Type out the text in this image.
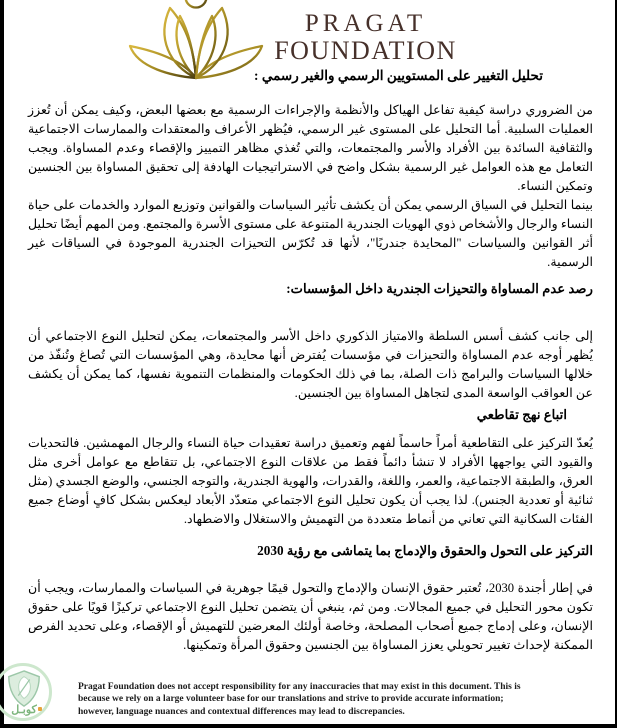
PRAGAT
FOUNDATION
تحليل التغيير على المستويين الرسمي والغير رسمي :

من الضروري دراسة كيفية تفاعل الهياكل والأنظمة والإجراءات الرسمية مع بعضها البعض، وكيف يمكن أن تُعزز العمليات السلبية. أما التحليل على المستوى غير الرسمي، فيُظهر الأعراف والمعتقدات والممارسات الاجتماعية والثقافية السائدة بين الأفراد والأسر والمجتمعات، والتي تُغذي مظاهر التمييز والإقصاء وعدم المساواة. ويجب التعامل مع هذه العوامل غير الرسمية بشكل واضح في الاستراتيجيات الهادفة إلى تحقيق المساواة بين الجنسين وتمكين النساء.

بينما التحليل في السياق الرسمي يمكن أن يكشف تأثير السياسات والقوانين وتوزيع الموارد والخدمات على حياة النساء والرجال والأشخاص ذوي الهويات الجندرية المتنوعة على مستوى الأسرة والمجتمع. ومن المهم أيضًا تحليل أثر القوانين والسياسات "المحايدة جندريًا"، لأنها قد تُكرّس التحيزات الجندرية الموجودة في السياقات غير الرسمية.

رصد عدم المساواة والتحيزات الجندرية داخل المؤسسات:

إلى جانب كشف أسس السلطة والامتياز الذكوري داخل الأسر والمجتمعات، يمكن لتحليل النوع الاجتماعي أن يُظهر أوجه عدم المساواة والتحيزات في مؤسسات يُفترض أنها محايدة، وهي المؤسسات التي تُصاغ وتُنفّذ من خلالها السياسات والبرامج ذات الصلة، بما في ذلك الحكومات والمنظمات التنموية نفسها، كما يمكن أن يكشف عن العواقب الواسعة المدى لتجاهل المساواة بين الجنسين.

اتباع نهج تقاطعي

يُعدّ التركيز على التقاطعية أمراً حاسماً لفهم وتعميق دراسة تعقيدات حياة النساء والرجال المهمشين. فالتحديات والقيود التي يواجهها الأفراد لا تنشأ دائماً فقط من علاقات النوع الاجتماعي، بل تتقاطع مع عوامل أخرى مثل العرق، والطبقة الاجتماعية، والعمر، واللغة، والقدرات، والهوية الجندرية، والتوجه الجنسي، والوضع الجسدي (مثل ثنائية أو تعددية الجنس). لذا يجب أن يكون تحليل النوع الاجتماعي متعدّد الأبعاد ليعكس بشكل كافٍ أوضاع جميع الفئات السكانية التي تعاني من أنماط متعددة من التهميش والاستغلال والاضطهاد.

التركيز على التحول والحقوق والإدماج بما يتماشى مع رؤية 2030

في إطار أجندة 2030، تُعتبر حقوق الإنسان والإدماج والتحول قيمًا جوهرية في السياسات والممارسات، ويجب أن تكون محور التحليل في جميع المجالات. ومن ثم، ينبغي أن يتضمن تحليل النوع الاجتماعي تركيزًا قويًا على حقوق الإنسان، وعلى إدماج جميع أصحاب المصلحة، وخاصة أولئك المعرضين للتهميش أو الإقصاء، وعلى تحديد الفرص الممكنة لإحداث تغيير تحويلي يعزز المساواة بين الجنسين وحقوق المرأة وتمكينها.

كوبـل
Pragat Foundation does not accept responsibility for any inaccuracies that may exist in this document. This is because we rely on a large volunteer base for our translations and strive to provide accurate information; however, language nuances and contextual differences may lead to discrepancies.
